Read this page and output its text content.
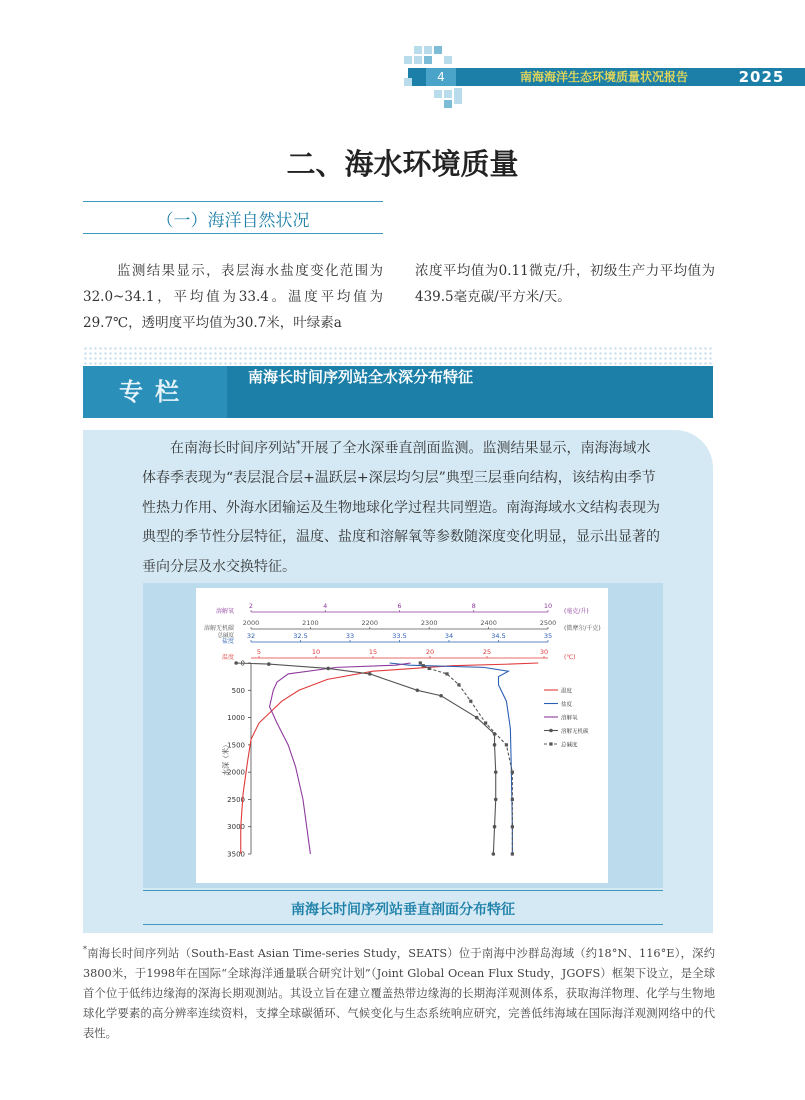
4	南海海洋生态环境质量状况报告	2025
二、海水环境质量
（一）海洋自然状况
监测结果显示，表层海水盐度变化范围为32.0~34.1，平均值为33.4。温度平均值为29.7℃，透明度平均值为30.7米，叶绿素a
浓度平均值为0.11微克/升，初级生产力平均值为439.5毫克碳/平方米/天。
专栏
南海长时间序列站全水深分布特征
在南海长时间序列站*开展了全水深垂直剖面监测。监测结果显示，南海海域水体春季表现为“表层混合层+温跃层+深层均匀层”典型三层垂向结构，该结构由季节性热力作用、外海水团输运及生物地球化学过程共同塑造。南海海域水文结构表现为典型的季节性分层特征，温度、盐度和溶解氧等参数随深度变化明显，显示出显著的垂向分层及水交换特征。
2	4	6	8	10
溶解氧	(毫克/升)
2000	2100	2200	2300	2400	2500
溶解无机碳
总碱度
(微摩尔/千克)
32	32.5	33	33.5	34	34.5	35
盐度
5	10	15	20	25	30
温度	(℃)
0
500
1000
1500
2000
2500
3000
3500
水深（米）
温度
盐度
溶解氧
溶解无机碳
总碱度
南海长时间序列站垂直剖面分布特征
*南海长时间序列站（South-East Asian Time-series Study，SEATS）位于南海中沙群岛海域（约18°N、116°E），深约3800米，于1998年在国际“全球海洋通量联合研究计划”（Joint Global Ocean Flux Study，JGOFS）框架下设立，是全球首个位于低纬边缘海的深海长期观测站。其设立旨在建立覆盖热带边缘海的长期海洋观测体系，获取海洋物理、化学与生物地球化学要素的高分辨率连续资料，支撑全球碳循环、气候变化与生态系统响应研究，完善低纬海域在国际海洋观测网络中的代表性。
